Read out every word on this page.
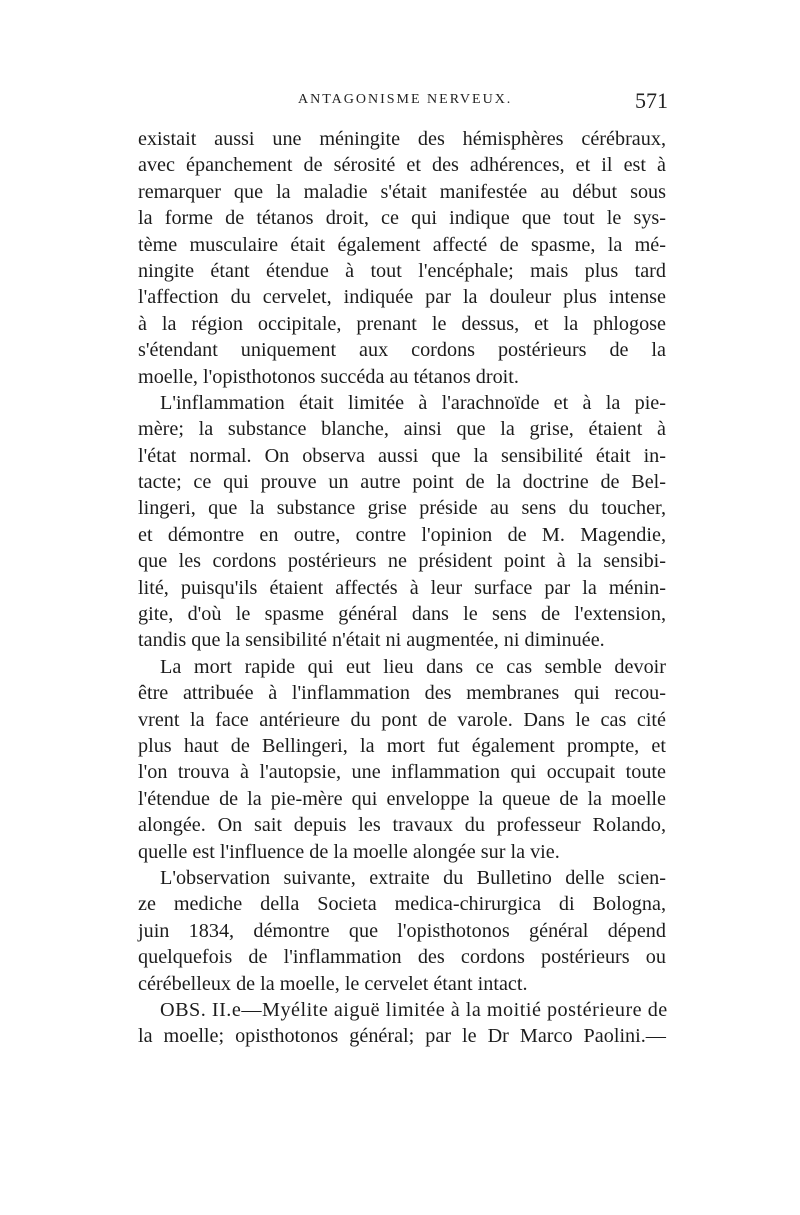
ANTAGONISME NERVEUX.	571
existait aussi une méningite des hémisphères cérébraux,
avec épanchement de sérosité et des adhérences, et il est à
remarquer que la maladie s'était manifestée au début sous
la forme de tétanos droit, ce qui indique que tout le sys-
tème musculaire était également affecté de spasme, la mé-
ningite étant étendue à tout l'encéphale; mais plus tard
l'affection du cervelet, indiquée par la douleur plus intense
à la région occipitale, prenant le dessus, et la phlogose
s'étendant uniquement aux cordons postérieurs de la
moelle, l'opisthotonos succéda au tétanos droit.
L'inflammation était limitée à l'arachnoïde et à la pie-
mère; la substance blanche, ainsi que la grise, étaient à
l'état normal. On observa aussi que la sensibilité était in-
tacte; ce qui prouve un autre point de la doctrine de Bel-
lingeri, que la substance grise préside au sens du toucher,
et démontre en outre, contre l'opinion de M. Magendie,
que les cordons postérieurs ne président point à la sensibi-
lité, puisqu'ils étaient affectés à leur surface par la ménin-
gite, d'où le spasme général dans le sens de l'extension,
tandis que la sensibilité n'était ni augmentée, ni diminuée.
La mort rapide qui eut lieu dans ce cas semble devoir
être attribuée à l'inflammation des membranes qui recou-
vrent la face antérieure du pont de varole. Dans le cas cité
plus haut de Bellingeri, la mort fut également prompte, et
l'on trouva à l'autopsie, une inflammation qui occupait toute
l'étendue de la pie-mère qui enveloppe la queue de la moelle
alongée. On sait depuis les travaux du professeur Rolando,
quelle est l'influence de la moelle alongée sur la vie.
L'observation suivante, extraite du Bulletino delle scien-
ze mediche della Societa medica-chirurgica di Bologna,
juin 1834, démontre que l'opisthotonos général dépend
quelquefois de l'inflammation des cordons postérieurs ou
cérébelleux de la moelle, le cervelet étant intact.
OBS. II.e—Myélite aiguë limitée à la moitié postérieure de
la moelle; opisthotonos général; par le Dr Marco Paolini.—
